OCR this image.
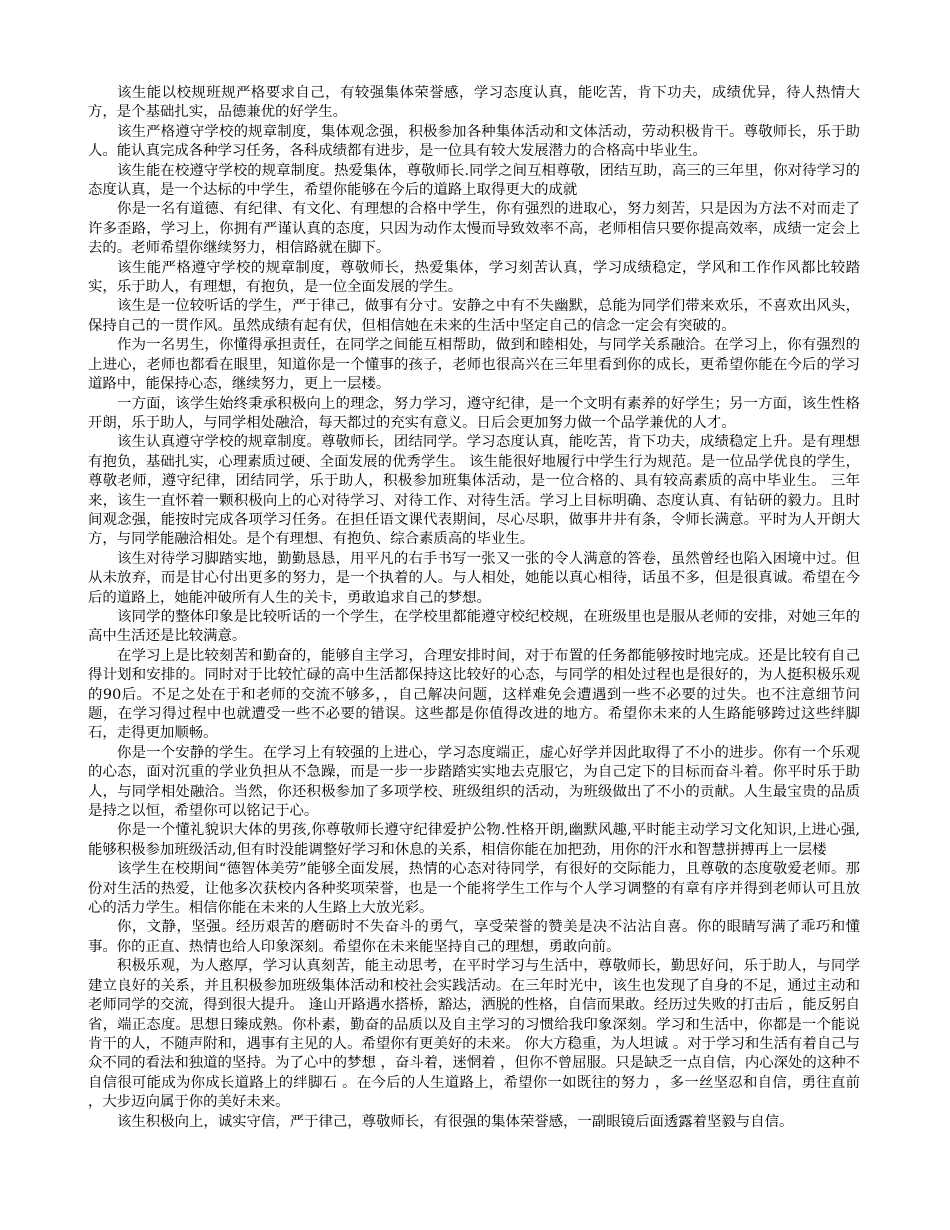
该生能以校规班规严格要求自己，有较强集体荣誉感，学习态度认真，能吃苦，肯下功夫，成绩优异，待人热情大方，是个基础扎实，品德兼优的好学生。

该生严格遵守学校的规章制度，集体观念强，积极参加各种集体活动和文体活动，劳动积极肯干。尊敬师长，乐于助人。能认真完成各种学习任务，各科成绩都有进步，是一位具有较大发展潜力的合格高中毕业生。

该生能在校遵守学校的规章制度。热爱集体，尊敬师长.同学之间互相尊敬，团结互助，高三的三年里，你对待学习的态度认真，是一个达标的中学生，希望你能够在今后的道路上取得更大的成就

你是一名有道德、有纪律、有文化、有理想的合格中学生，你有强烈的进取心，努力刻苦，只是因为方法不对而走了许多歪路，学习上，你拥有严谨认真的态度，只因为动作太慢而导致效率不高，老师相信只要你提高效率，成绩一定会上去的。老师希望你继续努力，相信路就在脚下。

该生能严格遵守学校的规章制度，尊敬师长，热爱集体，学习刻苦认真，学习成绩稳定，学风和工作作风都比较踏实，乐于助人，有理想，有抱负，是一位全面发展的学生。

该生是一位较听话的学生，严于律己，做事有分寸。安静之中有不失幽默，总能为同学们带来欢乐，不喜欢出风头，保持自己的一贯作风。虽然成绩有起有伏，但相信她在未来的生活中坚定自己的信念一定会有突破的。

作为一名男生，你懂得承担责任，在同学之间能互相帮助，做到和睦相处，与同学关系融洽。在学习上，你有强烈的上进心，老师也都看在眼里，知道你是一个懂事的孩子，老师也很高兴在三年里看到你的成长，更希望你能在今后的学习道路中，能保持心态，继续努力，更上一层楼。

一方面，该学生始终秉承积极向上的理念，努力学习，遵守纪律，是一个文明有素养的好学生；另一方面，该生性格开朗，乐于助人，与同学相处融洽，每天都过的充实有意义。日后会更加努力做一个品学兼优的人才。

该生认真遵守学校的规章制度。尊敬师长，团结同学。学习态度认真，能吃苦，肯下功夫，成绩稳定上升。是有理想有抱负，基础扎实，心理素质过硬、全面发展的优秀学生。 该生能很好地履行中学生行为规范。是一位品学优良的学生，尊敬老师，遵守纪律，团结同学，乐于助人，积极参加班集体活动，是一位合格的、具有较高素质的高中毕业生。 三年来，该生一直怀着一颗积极向上的心对待学习、对待工作、对待生活。学习上目标明确、态度认真、有钻研的毅力。且时间观念强，能按时完成各项学习任务。在担任语文课代表期间，尽心尽职，做事井井有条，令师长满意。平时为人开朗大方，与同学能融洽相处。是个有理想、有抱负、综合素质高的毕业生。

该生对待学习脚踏实地，勤勤恳恳，用平凡的右手书写一张又一张的令人满意的答卷，虽然曾经也陷入困境中过。但从未放弃，而是甘心付出更多的努力，是一个执着的人。与人相处，她能以真心相待，话虽不多，但是很真诚。希望在今后的道路上，她能冲破所有人生的关卡，勇敢追求自己的梦想。

该同学的整体印象是比较听话的一个学生，在学校里都能遵守校纪校规，在班级里也是服从老师的安排，对她三年的高中生活还是比较满意。

在学习上是比较刻苦和勤奋的，能够自主学习，合理安排时间，对于布置的任务都能够按时地完成。还是比较有自己得计划和安排的。同时对于比较忙碌的高中生活都保持这比较好的心态，与同学的相处过程也是很好的，为人挺积极乐观的90后。不足之处在于和老师的交流不够多，，自己解决问题，这样难免会遭遇到一些不必要的过失。也不注意细节问题，在学习得过程中也就遭受一些不必要的错误。这些都是你值得改进的地方。希望你未来的人生路能够跨过这些绊脚石，走得更加顺畅。

你是一个安静的学生。在学习上有较强的上进心，学习态度端正，虚心好学并因此取得了不小的进步。你有一个乐观的心态，面对沉重的学业负担从不急躁，而是一步一步踏踏实实地去克服它，为自己定下的目标而奋斗着。你平时乐于助人，与同学相处融洽。当然，你还积极参加了多项学校、班级组织的活动，为班级做出了不小的贡献。人生最宝贵的品质是持之以恒，希望你可以铭记于心。

你是一个懂礼貌识大体的男孩,你尊敬师长遵守纪律爱护公物.性格开朗,幽默风趣,平时能主动学习文化知识,上进心强,能够积极参加班级活动,但有时没能调整好学习和休息的关系，相信你能在加把劲，用你的汗水和智慧拼搏再上一层楼

该学生在校期间“德智体美劳”能够全面发展，热情的心态对待同学，有很好的交际能力，且尊敬的态度敬爱老师。那份对生活的热爱，让他多次获校内各种奖项荣誉，也是一个能将学生工作与个人学习调整的有章有序并得到老师认可且放心的活力学生。相信你能在未来的人生路上大放光彩。

你，文静，坚强。经历艰苦的磨砺时不失奋斗的勇气，享受荣誉的赞美是决不沾沾自喜。你的眼睛写满了乖巧和懂事。你的正直、热情也给人印象深刻。希望你在未来能坚持自己的理想，勇敢向前。

积极乐观，为人憨厚，学习认真刻苦，能主动思考，在平时学习与生活中，尊敬师长，勤思好问，乐于助人，与同学建立良好的关系，并且积极参加班级集体活动和校社会实践活动。在三年时光中，该生也发现了自身的不足，通过主动和老师同学的交流，得到很大提升。 逢山开路遇水搭桥，豁达，洒脱的性格，自信而果敢。经历过失败的打击后 ，能反躬自省，端正态度。思想日臻成熟。你朴素，勤奋的品质以及自主学习的习惯给我印象深刻。学习和生活中，你都是一个能说肯干的人，不随声附和，遇事有主见的人。希望你有更美好的未来。 你大方稳重，为人坦诚 。对于学习和生活有着自己与众不同的看法和独道的坚持。为了心中的梦想 ，奋斗着，迷惘着 ，但你不曾屈服。只是缺乏一点自信，内心深处的这种不自信很可能成为你成长道路上的绊脚石 。在今后的人生道路上，希望你一如既往的努力 ，多一丝坚忍和自信，勇往直前 ，大步迈向属于你的美好未来。

该生积极向上，诚实守信，严于律己，尊敬师长，有很强的集体荣誉感，一副眼镜后面透露着坚毅与自信。
